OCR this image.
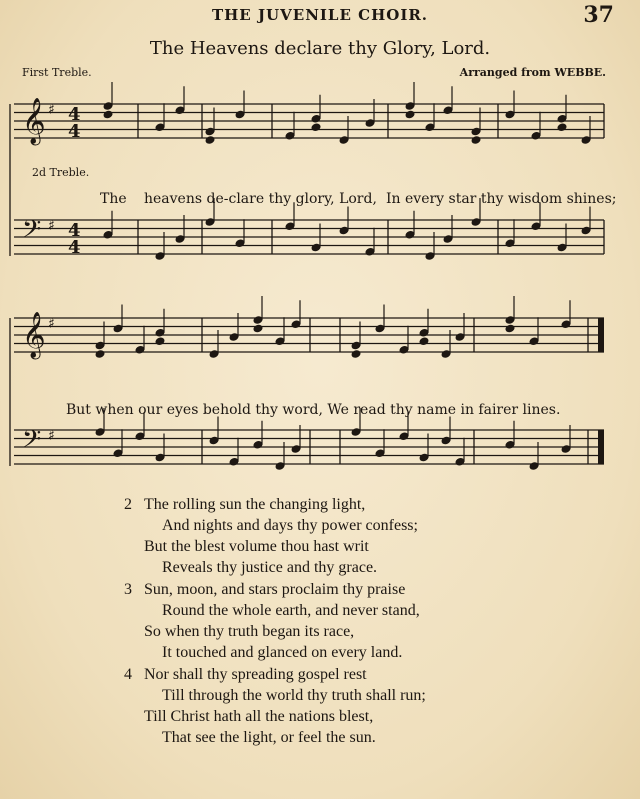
THE JUVENILE CHOIR.	37
The Heavens declare thy Glory, Lord.
First Treble.
2d Treble.
Arranged from WEBBE.
𝄞 ♯ 4
4
𝄢 ♯ 4
4
𝄞 ♯
𝄢 ♯
The heavens de-clare thy glory, Lord, In every star thy wisdom shines;
But when our eyes behold thy word, We read thy name in fairer lines.
2 The rolling sun the changing light,
And nights and days thy power confess;
But the blest volume thou hast writ
Reveals thy justice and thy grace.
3 Sun, moon, and stars proclaim thy praise
Round the whole earth, and never stand,
So when thy truth began its race,
It touched and glanced on every land.
4 Nor shall thy spreading gospel rest
Till through the world thy truth shall run;
Till Christ hath all the nations blest,
That see the light, or feel the sun.
